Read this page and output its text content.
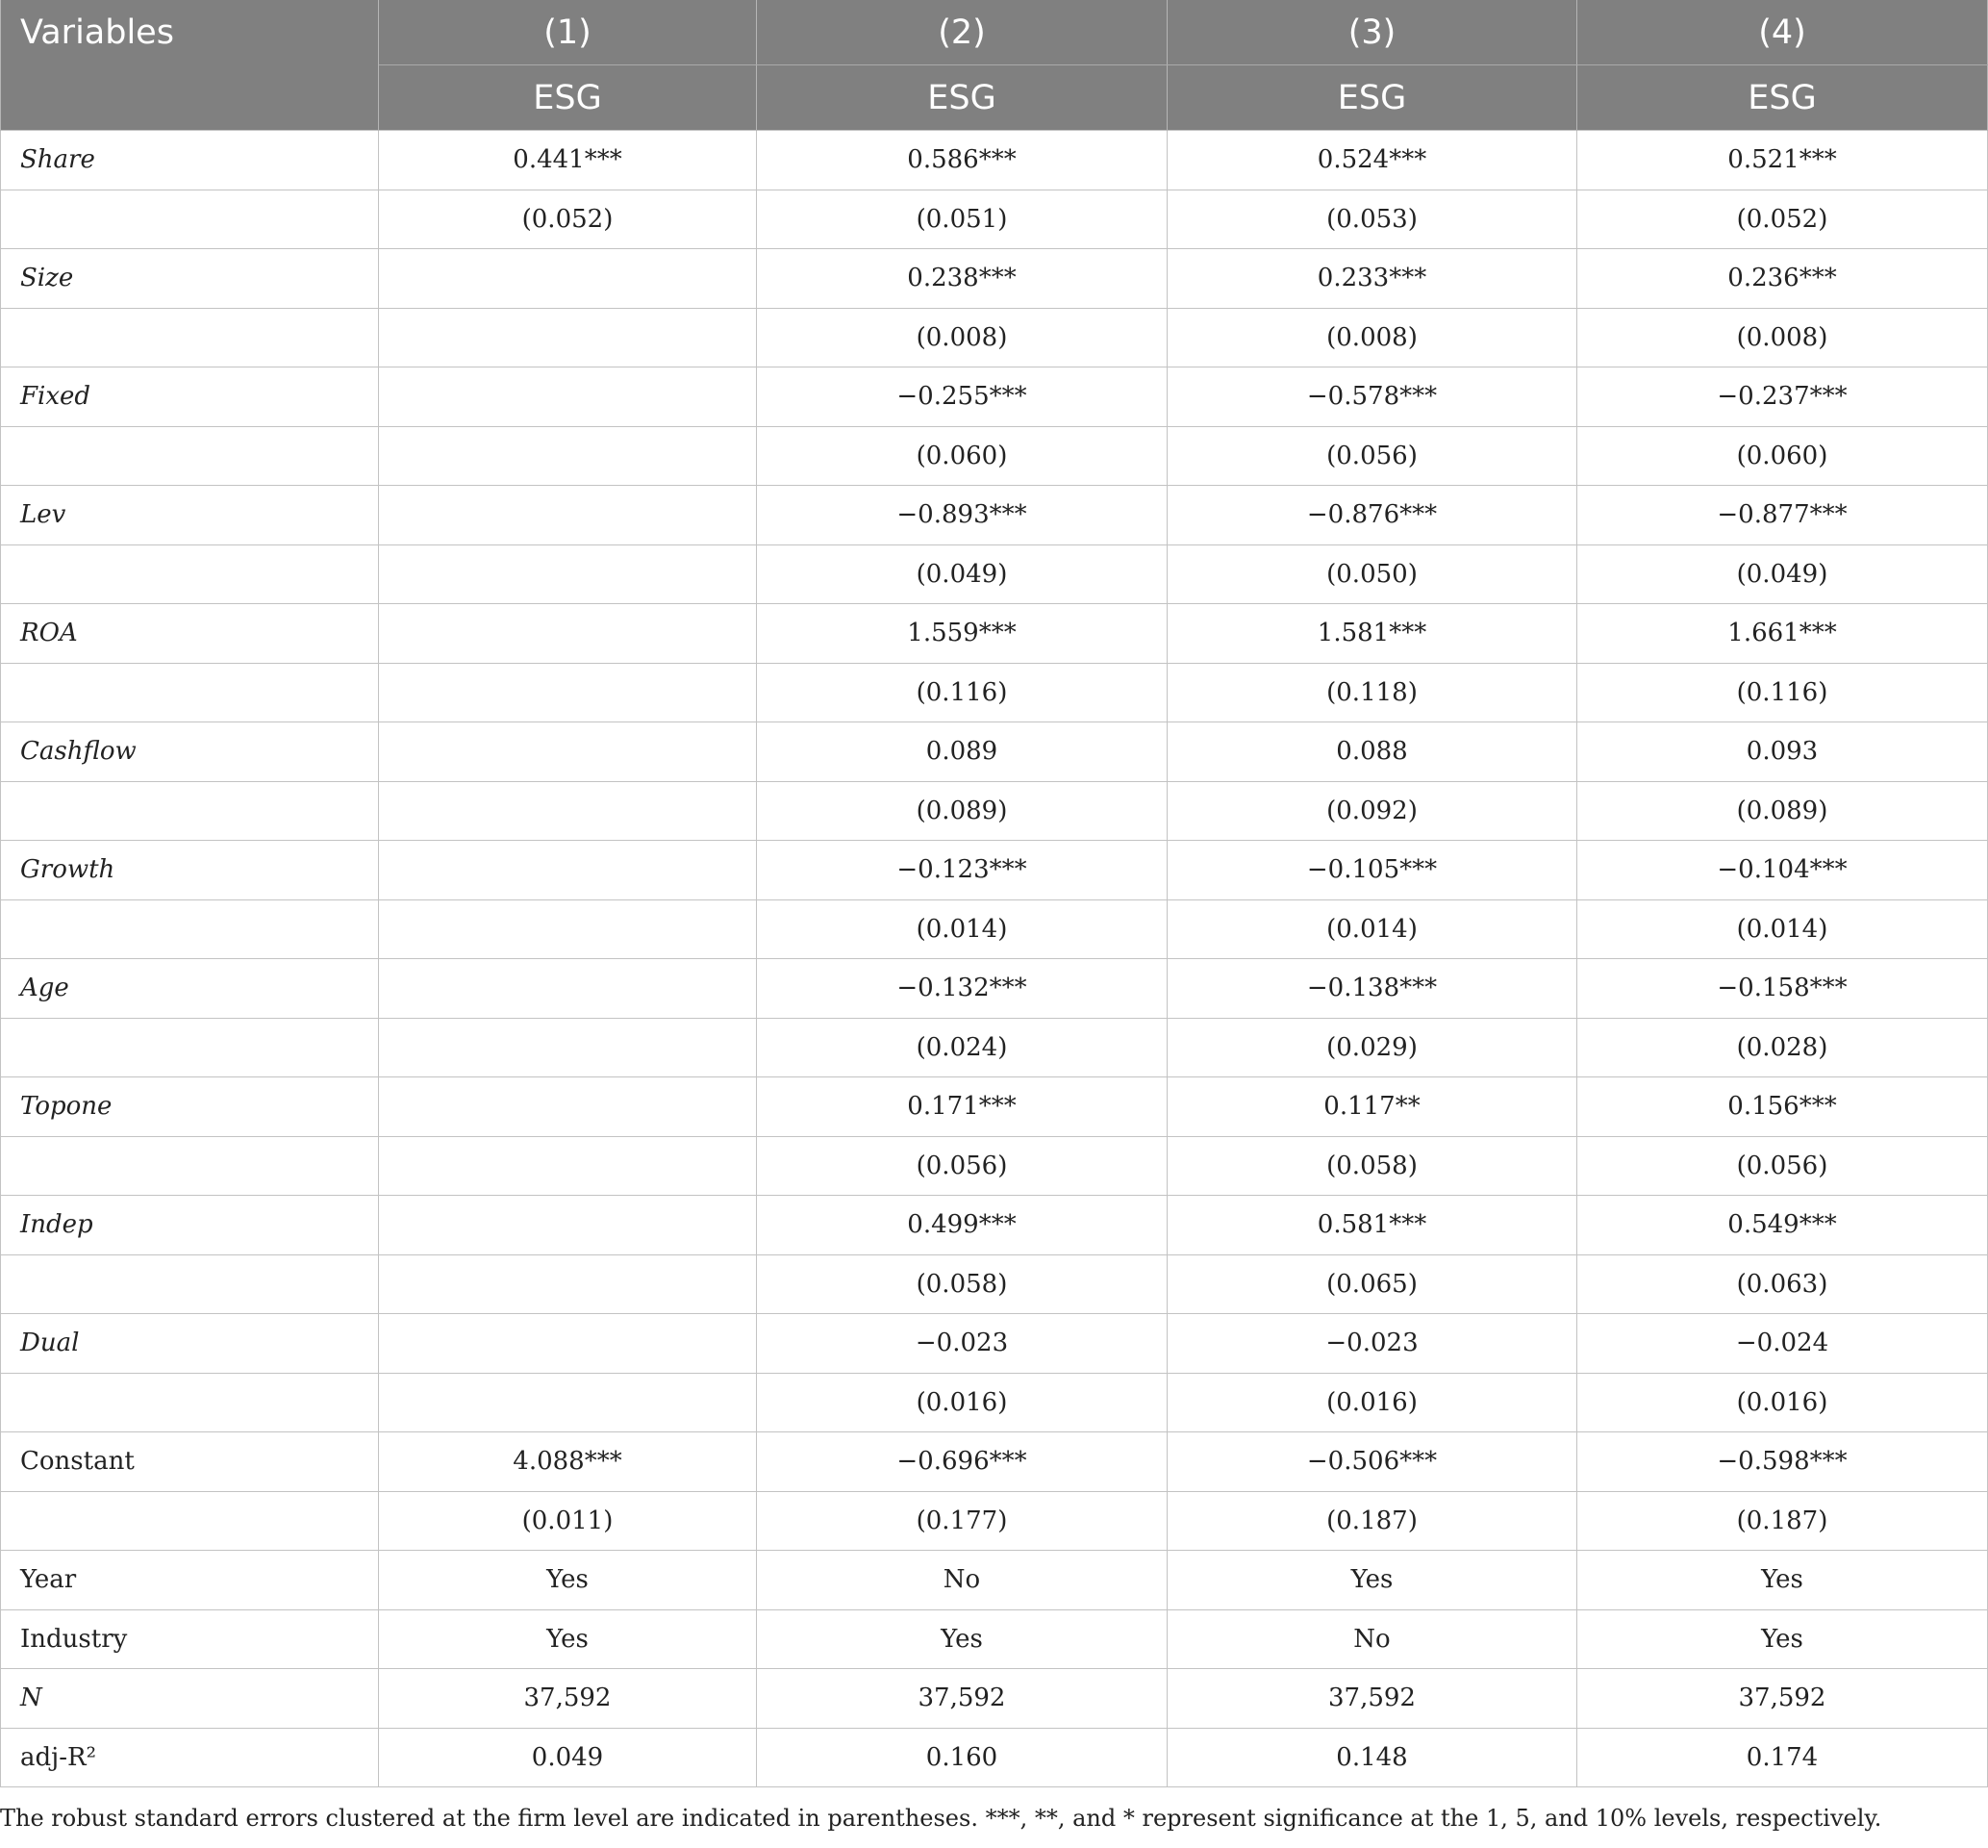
Variables	(1)	(2)	(3)	(4)
	ESG	ESG	ESG	ESG
Share	0.441***	0.586***	0.524***	0.521***
	(0.052)	(0.051)	(0.053)	(0.052)
Size		0.238***	0.233***	0.236***
		(0.008)	(0.008)	(0.008)
Fixed		−0.255***	−0.578***	−0.237***
		(0.060)	(0.056)	(0.060)
Lev		−0.893***	−0.876***	−0.877***
		(0.049)	(0.050)	(0.049)
ROA		1.559***	1.581***	1.661***
		(0.116)	(0.118)	(0.116)
Cashflow		0.089	0.088	0.093
		(0.089)	(0.092)	(0.089)
Growth		−0.123***	−0.105***	−0.104***
		(0.014)	(0.014)	(0.014)
Age		−0.132***	−0.138***	−0.158***
		(0.024)	(0.029)	(0.028)
Topone		0.171***	0.117**	0.156***
		(0.056)	(0.058)	(0.056)
Indep		0.499***	0.581***	0.549***
		(0.058)	(0.065)	(0.063)
Dual		−0.023	−0.023	−0.024
		(0.016)	(0.016)	(0.016)
Constant	4.088***	−0.696***	−0.506***	−0.598***
	(0.011)	(0.177)	(0.187)	(0.187)
Year	Yes	No	Yes	Yes
Industry	Yes	Yes	No	Yes
N	37,592	37,592	37,592	37,592
adj-R²	0.049	0.160	0.148	0.174
The robust standard errors clustered at the firm level are indicated in parentheses. ***, **, and * represent significance at the 1, 5, and 10% levels, respectively.
